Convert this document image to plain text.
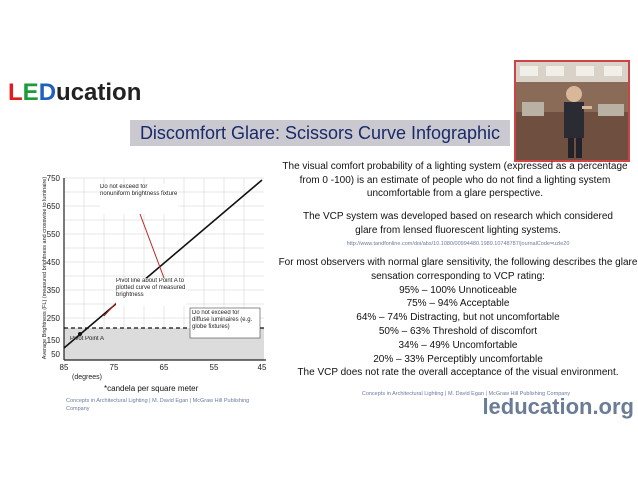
LED ucation
Discomfort Glare: Scissors Curve Infographic
750
650
550
450
350
250
150
50
85	75	65	55	45
(degrees)
Average Brightness (FL) (measured brightness and crosswise to luminaire)	Do not exceed for nonuniform brightness fixture
Pivot line about Point A to plotted curve of measured brightness
Do not exceed for diffuse luminaires (e.g. globe fixtures)
Pivot Point A
The visual comfort probability of a lighting system (expressed as a percentage from 0 -100) is an estimate of people who do not find a lighting system uncomfortable from a glare perspective.
The VCP system was developed based on research which considered glare from lensed fluorescent lighting systems.
http://www.tandfonline.com/doi/abs/10.1080/00994480.1989.10748787/journalCode=uzle20
For most observers with normal glare sensitivity, the following describes the glare sensation corresponding to VCP rating:
95% – 100% Unnoticeable
75% – 94% Acceptable
64% – 74% Distracting, but not uncomfortable
50% – 63% Threshold of discomfort
34% – 49% Uncomfortable
20% – 33% Perceptibly uncomfortable
The VCP does not rate the overall acceptance of the visual environment.
Concepts in Architectural Lighting | M. David Egan | McGraw Hill Publishing Company
*candela per square meter
Concepts in Architectural Lighting | M. David Egan | McGraw Hill Publishing Company	leducation.org
